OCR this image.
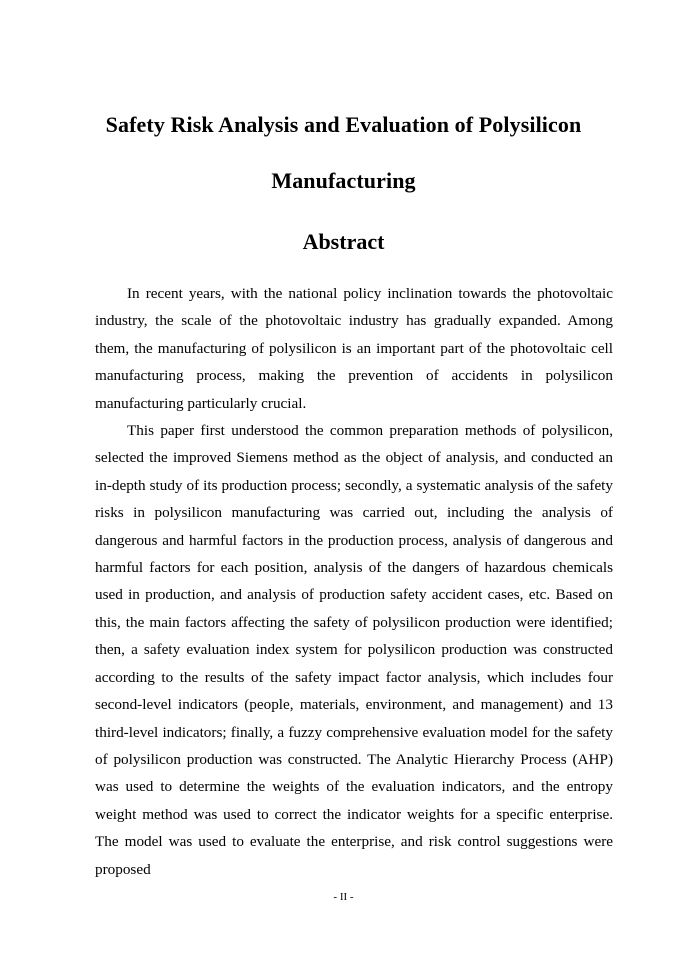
Safety Risk Analysis and Evaluation of Polysilicon
Manufacturing
Abstract

In recent years, with the national policy inclination towards the photovoltaic industry, the scale of the photovoltaic industry has gradually expanded. Among them, the manufacturing of polysilicon is an important part of the photovoltaic cell manufacturing process, making the prevention of accidents in polysilicon manufacturing particularly crucial.

This paper first understood the common preparation methods of polysilicon, selected the improved Siemens method as the object of analysis, and conducted an in-depth study of its production process; secondly, a systematic analysis of the safety risks in polysilicon manufacturing was carried out, including the analysis of dangerous and harmful factors in the production process, analysis of dangerous and harmful factors for each position, analysis of the dangers of hazardous chemicals used in production, and analysis of production safety accident cases, etc. Based on this, the main factors affecting the safety of polysilicon production were identified; then, a safety evaluation index system for polysilicon production was constructed according to the results of the safety impact factor analysis, which includes four second-level indicators (people, materials, environment, and management) and 13 third-level indicators; finally, a fuzzy comprehensive evaluation model for the safety of polysilicon production was constructed. The Analytic Hierarchy Process (AHP) was used to determine the weights of the evaluation indicators, and the entropy weight method was used to correct the indicator weights for a specific enterprise. The model was used to evaluate the enterprise, and risk control suggestions were proposed

- II -
